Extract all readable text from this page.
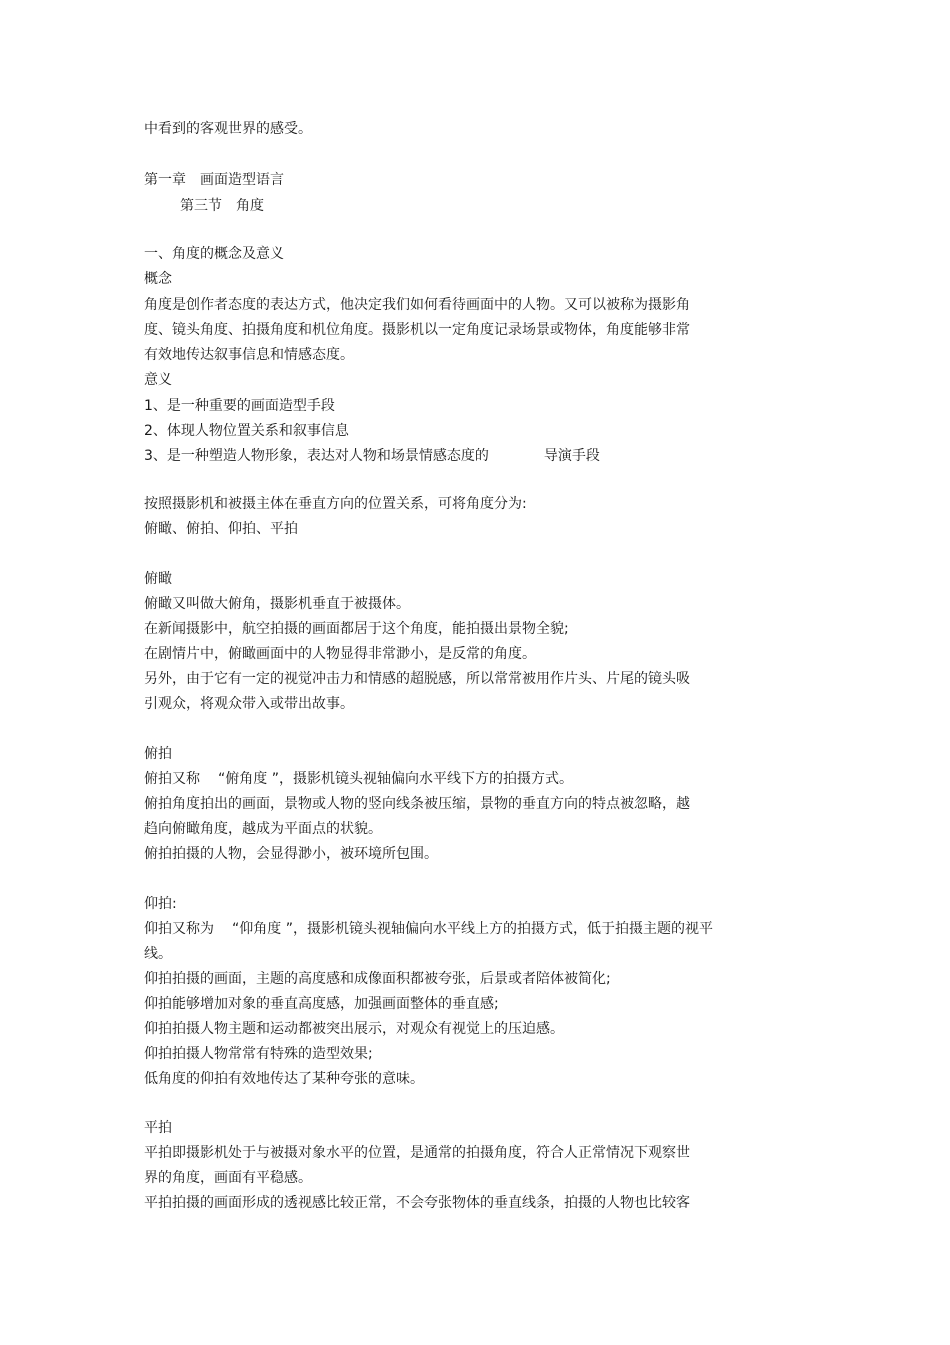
中看到的客观世界的感受。
第一章 画面造型语言
第三节 角度
一、角度的概念及意义
概念
角度是创作者态度的表达方式，他决定我们如何看待画面中的人物。又可以被称为摄影角
度、镜头角度、拍摄角度和机位角度。摄影机以一定角度记录场景或物体，角度能够非常
有效地传达叙事信息和情感态度。
意义
1、是一种重要的画面造型手段
2、体现人物位置关系和叙事信息
3、是一种塑造人物形象，表达对人物和场景情感态度的	导演手段
按照摄影机和被摄主体在垂直方向的位置关系，可将角度分为:
俯瞰、俯拍、仰拍、平拍
俯瞰
俯瞰又叫做大俯角，摄影机垂直于被摄体。
在新闻摄影中，航空拍摄的画面都居于这个角度，能拍摄出景物全貌;
在剧情片中，俯瞰画面中的人物显得非常渺小，是反常的角度。
另外，由于它有一定的视觉冲击力和情感的超脱感，所以常常被用作片头、片尾的镜头吸
引观众，将观众带入或带出故事。
俯拍
俯拍又称 “俯角度 ”，摄影机镜头视轴偏向水平线下方的拍摄方式。
俯拍角度拍出的画面，景物或人物的竖向线条被压缩，景物的垂直方向的特点被忽略，越
趋向俯瞰角度，越成为平面点的状貌。
俯拍拍摄的人物，会显得渺小，被环境所包围。
仰拍:
仰拍又称为 “仰角度 ”，摄影机镜头视轴偏向水平线上方的拍摄方式，低于拍摄主题的视平
线。
仰拍拍摄的画面，主题的高度感和成像面积都被夸张，后景或者陪体被简化;
仰拍能够增加对象的垂直高度感，加强画面整体的垂直感;
仰拍拍摄人物主题和运动都被突出展示，对观众有视觉上的压迫感。
仰拍拍摄人物常常有特殊的造型效果;
低角度的仰拍有效地传达了某种夸张的意味。
平拍
平拍即摄影机处于与被摄对象水平的位置，是通常的拍摄角度，符合人正常情况下观察世
界的角度，画面有平稳感。
平拍拍摄的画面形成的透视感比较正常，不会夸张物体的垂直线条，拍摄的人物也比较客
